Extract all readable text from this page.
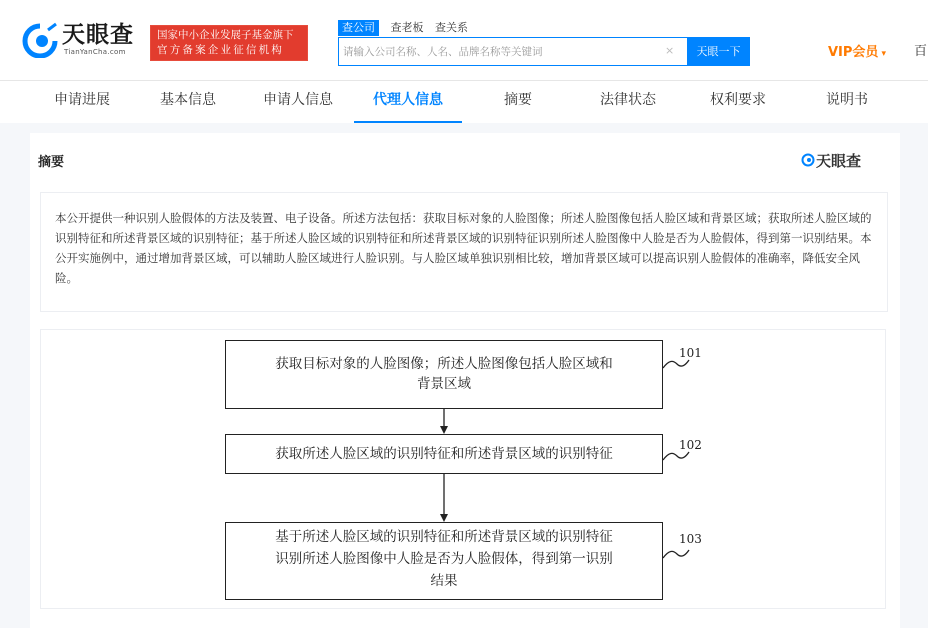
天眼查
TianYanCha.com
国家中小企业发展子基金旗下
官方备案企业征信机构
查公司 查老板 查关系
请输入公司名称、人名、品牌名称等关键词
×	天眼一下	VIP会员 ▾ 百
申请进展	基本信息	申请人信息	代理人信息	摘要	法律状态	权利要求	说明书
摘要	天眼查
本公开提供一种识别人脸假体的方法及装置、电子设备。所述方法包括：获取目标对象的人脸图像；所述人脸图像包括人脸区域和背景区域；获取所述人脸区域的识别特征和所述背景区域的识别特征；基于所述人脸区域的识别特征和所述背景区域的识别特征识别所述人脸图像中人脸是否为人脸假体，得到第一识别结果。本公开实施例中，通过增加背景区域，可以辅助人脸区域进行人脸识别。与人脸区域单独识别相比较，增加背景区域可以提高识别人脸假体的准确率，降低安全风险。
获取目标对象的人脸图像；所述人脸图像包括人脸区域和
背景区域
101
获取所述人脸区域的识别特征和所述背景区域的识别特征
102
基于所述人脸区域的识别特征和所述背景区域的识别特征
识别所述人脸图像中人脸是否为人脸假体，得到第一识别
结果
103
